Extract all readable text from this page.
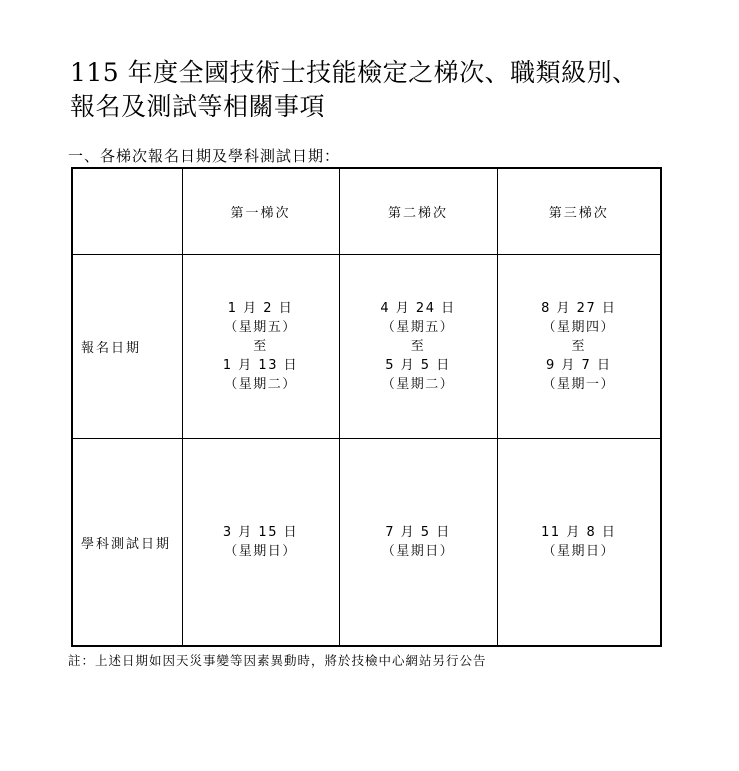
115 年度全國技術士技能檢定之梯次、職類級別、
報名及測試等相關事項
一、各梯次報名日期及學科測試日期：
	第一梯次	第二梯次	第三梯次
報名日期	1 月 2 日
（星期五）
至
1 月 13 日
（星期二）	4 月 24 日
（星期五）
至
5 月 5 日
（星期二）	8 月 27 日
（星期四）
至
9 月 7 日
（星期一）

學科測試日期	3 月 15 日
（星期日）	7 月 5 日
（星期日）	11 月 8 日
（星期日）
註：上述日期如因天災事變等因素異動時，將於技檢中心網站另行公告
